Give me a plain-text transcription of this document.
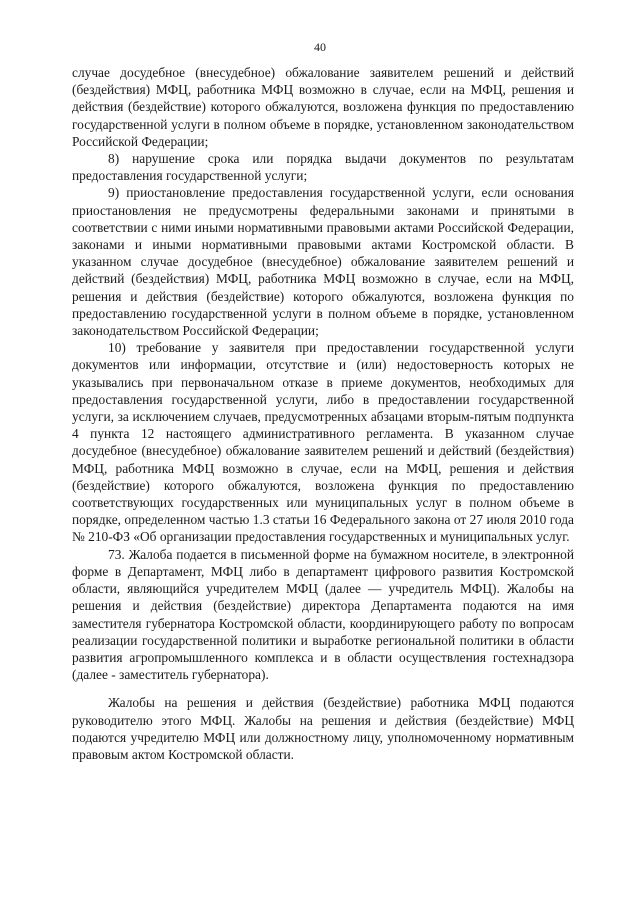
40

случае досудебное (внесудебное) обжалование заявителем решений и действий (бездействия) МФЦ, работника МФЦ возможно в случае, если на МФЦ, решения и действия (бездействие) которого обжалуются, возложена функция по предоставлению государственной услуги в полном объеме в порядке, установленном законодательством Российской Федерации;

8) нарушение срока или порядка выдачи документов по результатам предоставления государственной услуги;

9) приостановление предоставления государственной услуги, если основания приостановления не предусмотрены федеральными законами и принятыми в соответствии с ними иными нормативными правовыми актами Российской Федерации, законами и иными нормативными правовыми актами Костромской области. В указанном случае досудебное (внесудебное) обжалование заявителем решений и действий (бездействия) МФЦ, работника МФЦ возможно в случае, если на МФЦ, решения и действия (бездействие) которого обжалуются, возложена функция по предоставлению государственной услуги в полном объеме в порядке, установленном законодательством Российской Федерации;

10) требование у заявителя при предоставлении государственной услуги документов или информации, отсутствие и (или) недостоверность которых не указывались при первоначальном отказе в приеме документов, необходимых для предоставления государственной услуги, либо в предоставлении государственной услуги, за исключением случаев, предусмотренных абзацами вторым-пятым подпункта 4 пункта 12 настоящего административного регламента. В указанном случае досудебное (внесудебное) обжалование заявителем решений и действий (бездействия) МФЦ, работника МФЦ возможно в случае, если на МФЦ, решения и действия (бездействие) которого обжалуются, возложена функция по предоставлению соответствующих государственных или муниципальных услуг в полном объеме в порядке, определенном частью 1.3 статьи 16 Федерального закона от 27 июля 2010 года № 210-ФЗ «Об организации предоставления государственных и муниципальных услуг.

73. Жалоба подается в письменной форме на бумажном носителе, в электронной форме в Департамент, МФЦ либо в департамент цифрового развития Костромской области, являющийся учредителем МФЦ (далее — учредитель МФЦ). Жалобы на решения и действия (бездействие) директора Департамента подаются на имя заместителя губернатора Костромской области, координирующего работу по вопросам реализации государственной политики и выработке региональной политики в области развития агропромышленного комплекса и в области осуществления гостехнадзора (далее - заместитель губернатора).

Жалобы на решения и действия (бездействие) работника МФЦ подаются руководителю этого МФЦ. Жалобы на решения и действия (бездействие) МФЦ подаются учредителю МФЦ или должностному лицу, уполномоченному нормативным правовым актом Костромской области.
